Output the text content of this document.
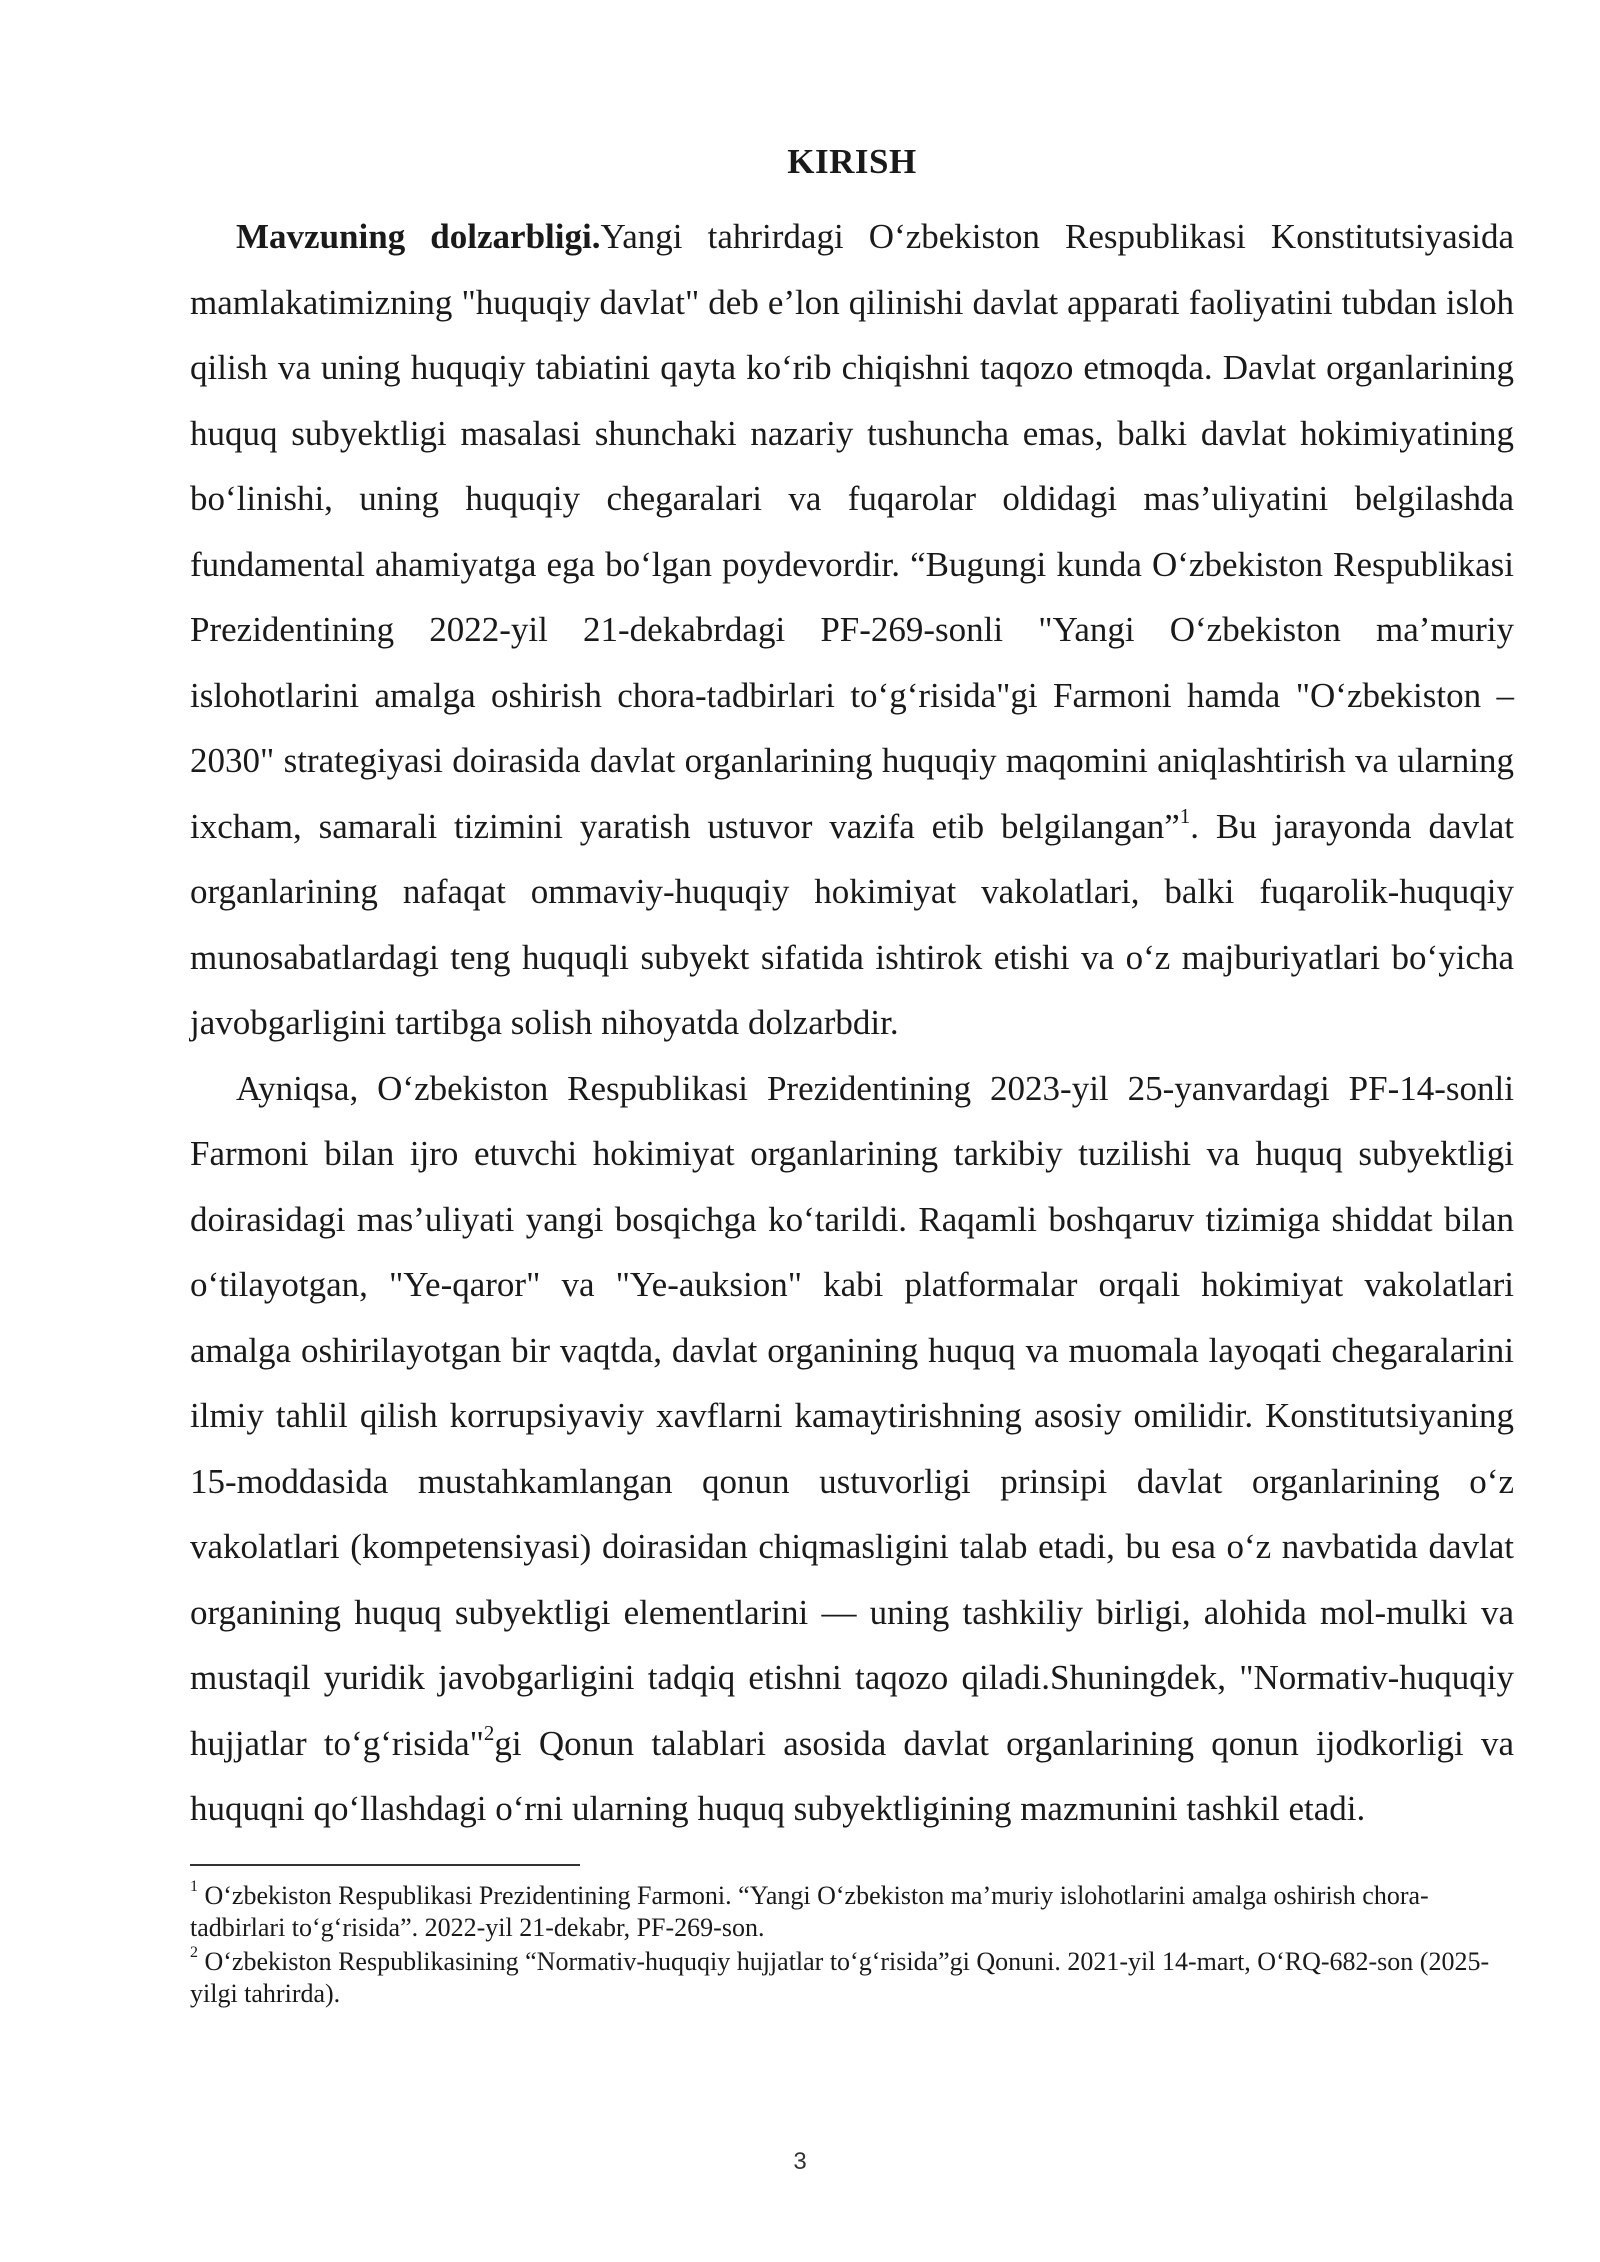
KIRISH

Mavzuning dolzarbligi.Yangi tahrirdagi O‘zbekiston Respublikasi Konstitutsiyasida mamlakatimizning "huquqiy davlat" deb e’lon qilinishi davlat apparati faoliyatini tubdan isloh qilish va uning huquqiy tabiatini qayta ko‘rib chiqishni taqozo etmoqda. Davlat organlarining huquq subyektligi masalasi shunchaki nazariy tushuncha emas, balki davlat hokimiyatining bo‘linishi, uning huquqiy chegaralari va fuqarolar oldidagi mas’uliyatini belgilashda fundamental ahamiyatga ega bo‘lgan poydevordir. “Bugungi kunda O‘zbekiston Respublikasi Prezidentining 2022-yil 21-dekabrdagi PF-269-sonli "Yangi O‘zbekiston ma’muriy islohotlarini amalga oshirish chora-tadbirlari to‘g‘risida"gi Farmoni hamda "O‘zbekiston – 2030" strategiyasi doirasida davlat organlarining huquqiy maqomini aniqlashtirish va ularning ixcham, samarali tizimini yaratish ustuvor vazifa etib belgilangan”$^1$. Bu jarayonda davlat organlarining nafaqat ommaviy-huquqiy hokimiyat vakolatlari, balki fuqarolik-huquqiy munosabatlardagi teng huquqli subyekt sifatida ishtirok etishi va o‘z majburiyatlari bo‘yicha javobgarligini tartibga solish nihoyatda dolzarbdir.

Ayniqsa, O‘zbekiston Respublikasi Prezidentining 2023-yil 25-yanvardagi PF-14-sonli Farmoni bilan ijro etuvchi hokimiyat organlarining tarkibiy tuzilishi va huquq subyektligi doirasidagi mas’uliyati yangi bosqichga ko‘tarildi. Raqamli boshqaruv tizimiga shiddat bilan o‘tilayotgan, "Ye-qaror" va "Ye-auksion" kabi platformalar orqali hokimiyat vakolatlari amalga oshirilayotgan bir vaqtda, davlat organining huquq va muomala layoqati chegaralarini ilmiy tahlil qilish korrupsiyaviy xavflarni kamaytirishning asosiy omilidir. Konstitutsiyaning 15-moddasida mustahkamlangan qonun ustuvorligi prinsipi davlat organlarining o‘z vakolatlari (kompetensiyasi) doirasidan chiqmasligini talab etadi, bu esa o‘z navbatida davlat organining huquq subyektligi elementlarini — uning tashkiliy birligi, alohida mol-mulki va mustaqil yuridik javobgarligini tadqiq etishni taqozo qiladi.Shuningdek, "Normativ-huquqiy hujjatlar to‘g‘risida"$^2$gi Qonun talablari asosida davlat organlarining qonun ijodkorligi va huquqni qo‘llashdagi o‘rni ularning huquq subyektligining mazmunini tashkil etadi.

$^1$ O‘zbekiston Respublikasi Prezidentining Farmoni. “Yangi O‘zbekiston ma’muriy islohotlarini amalga oshirish chora-tadbirlari to‘g‘risida”. 2022-yil 21-dekabr, PF-269-son.

$^2$ O‘zbekiston Respublikasining “Normativ-huquqiy hujjatlar to‘g‘risida”gi Qonuni. 2021-yil 14-mart, O‘RQ-682-son (2025-yilgi tahrirda).

3
